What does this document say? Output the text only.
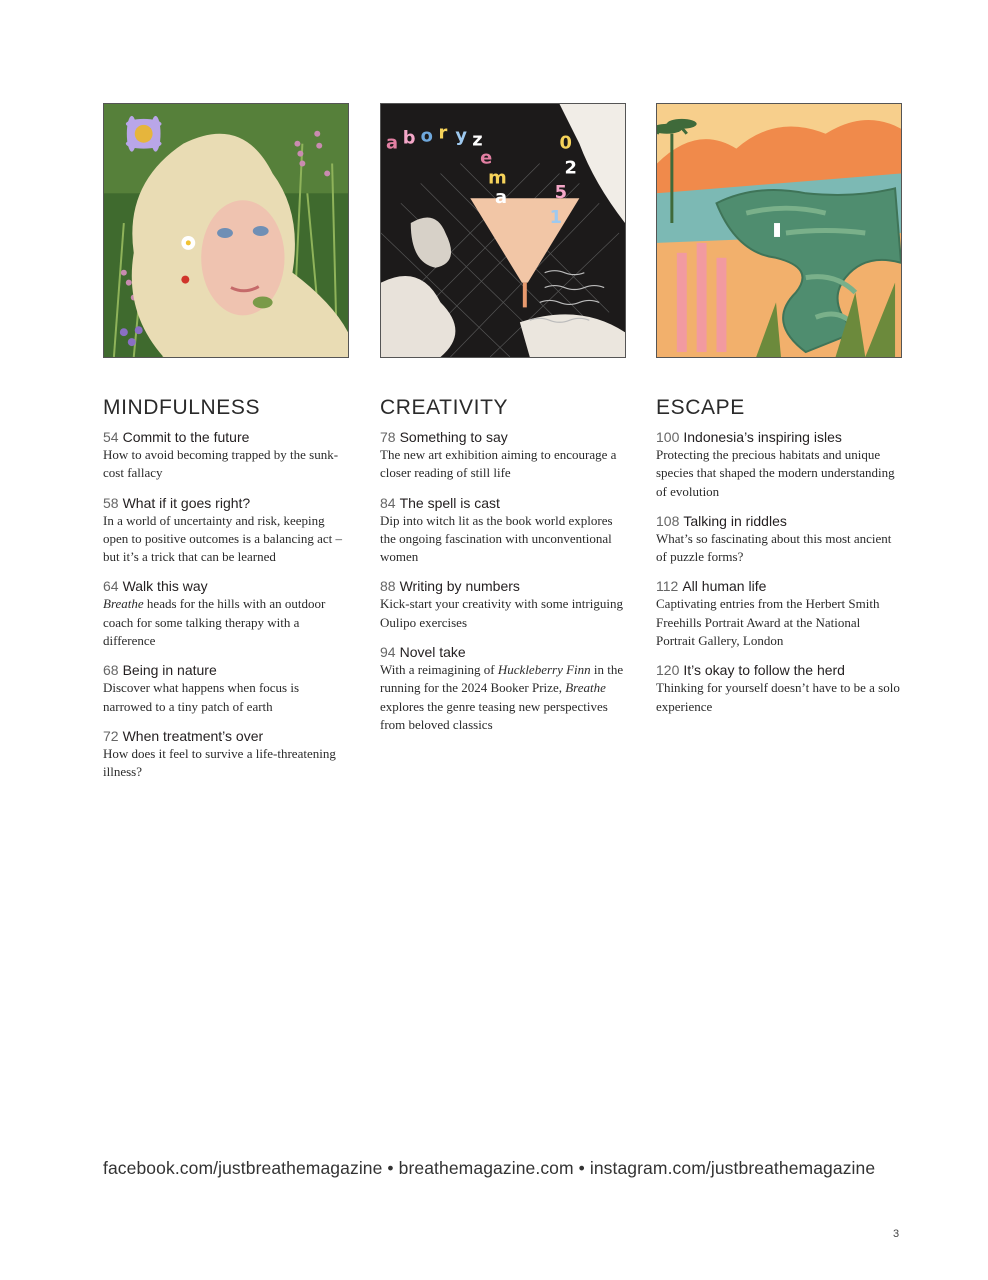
MINDFULNESS
54 Commit to the future
How to avoid becoming trapped by the sunk-cost fallacy
58 What if it goes right?
In a world of uncertainty and risk, keeping open to positive outcomes is a balancing act – but it’s a trick that can be learned
64 Walk this way
Breathe heads for the hills with an outdoor coach for some talking therapy with a difference
68 Being in nature
Discover what happens when focus is narrowed to a tiny patch of earth
72 When treatment’s over
How does it feel to survive a life-threatening illness?
a b o r y z
e
m
a
0
2
5
1
CREATIVITY
78 Something to say
The new art exhibition aiming to encourage a closer reading of still life
84 The spell is cast
Dip into witch lit as the book world explores the ongoing fascination with unconventional women
88 Writing by numbers
Kick-start your creativity with some intriguing Oulipo exercises
94 Novel take
With a reimagining of Huckleberry Finn in the running for the 2024 Booker Prize, Breathe explores the genre teasing new perspectives from beloved classics
ESCAPE
100 Indonesia’s inspiring isles
Protecting the precious habitats and unique species that shaped the modern understanding of evolution
108 Talking in riddles
What’s so fascinating about this most ancient of puzzle forms?
112 All human life
Captivating entries from the Herbert Smith Freehills Portrait Award at the National Portrait Gallery, London
120 It’s okay to follow the herd
Thinking for yourself doesn’t have to be a solo experience
facebook.com/justbreathemagazine • breathemagazine.com • instagram.com/justbreathemagazine
3
